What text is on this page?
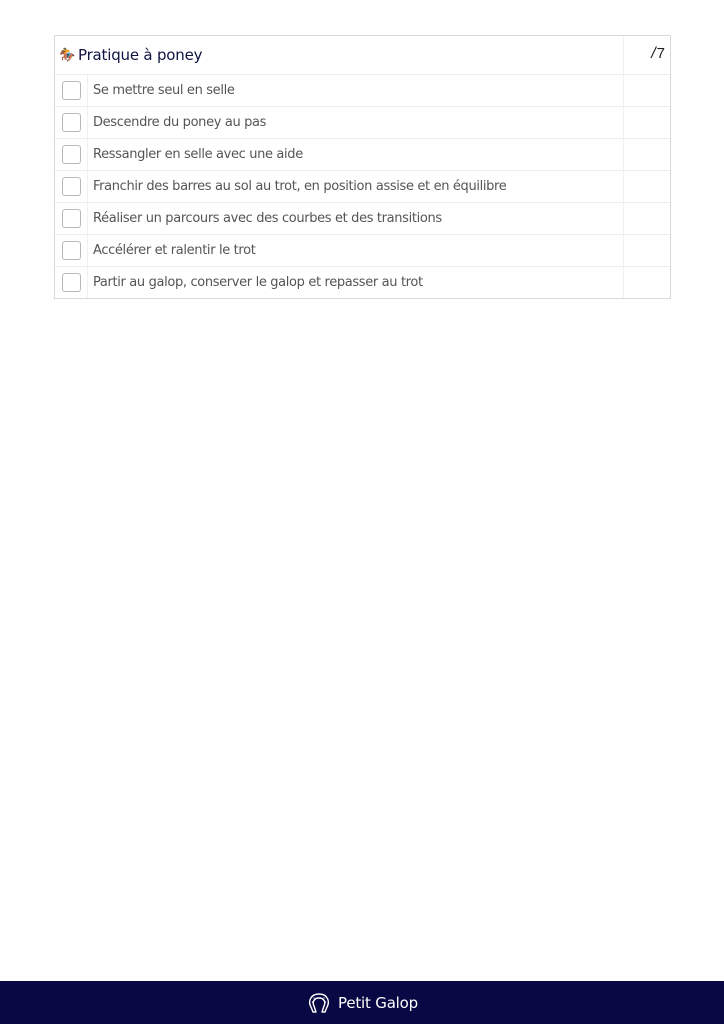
🏇 Pratique à poney	/ 7
Se mettre seul en selle
Descendre du poney au pas
Ressangler en selle avec une aide
Franchir des barres au sol au trot, en position assise et en équilibre
Réaliser un parcours avec des courbes et des transitions
Accélérer et ralentir le trot
Partir au galop, conserver le galop et repasser au trot
Petit Galop
